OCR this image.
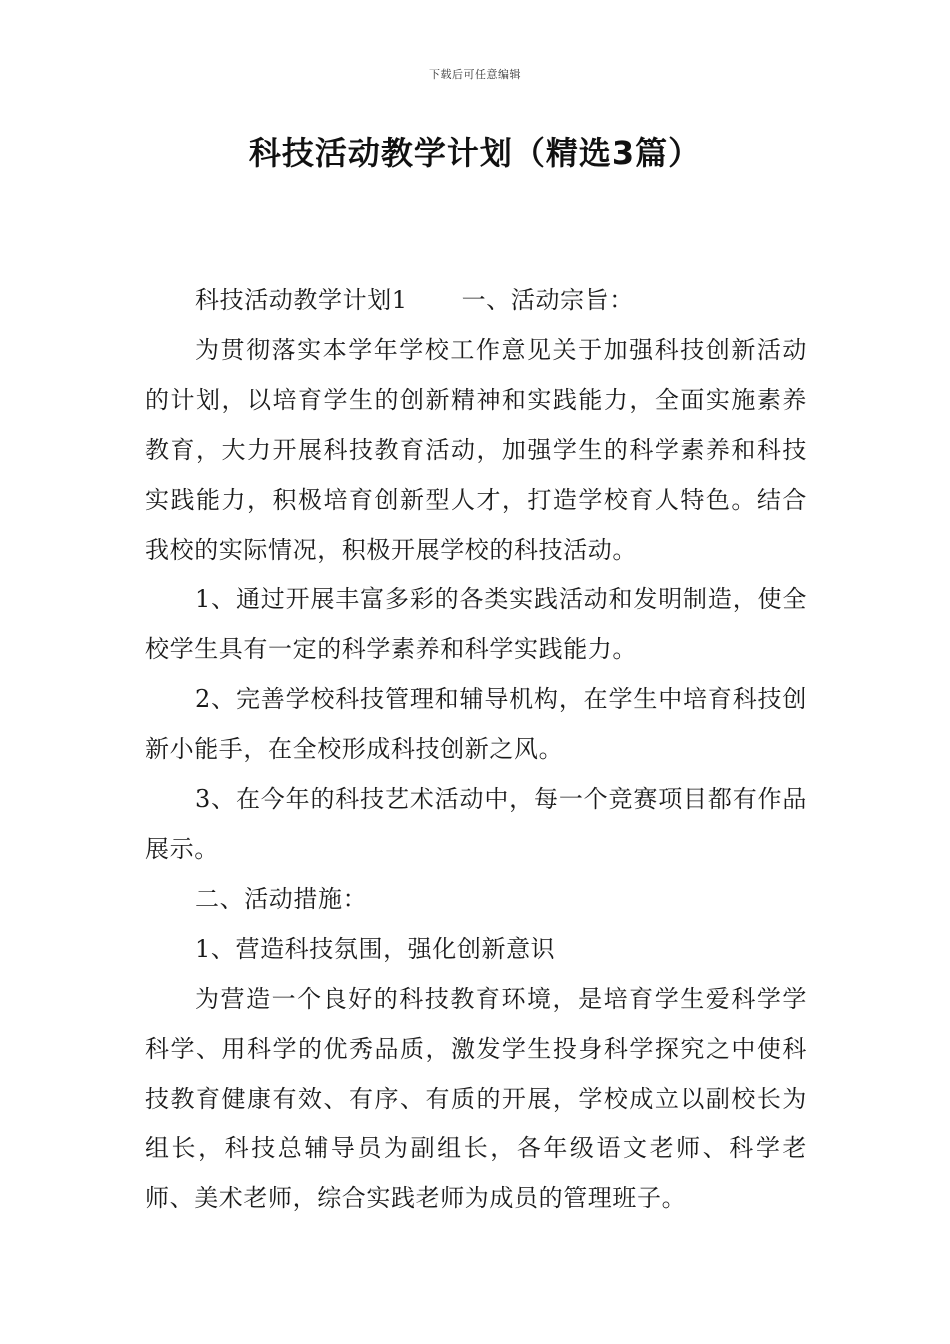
下载后可任意编辑
科技活动教学计划（精选3篇）

科技活动教学计划1 一、活动宗旨：

为贯彻落实本学年学校工作意见关于加强科技创新活动的计划，以培育学生的创新精神和实践能力，全面实施素养教育，大力开展科技教育活动，加强学生的科学素养和科技实践能力，积极培育创新型人才，打造学校育人特色。结合我校的实际情况，积极开展学校的科技活动。

1、通过开展丰富多彩的各类实践活动和发明制造，使全校学生具有一定的科学素养和科学实践能力。

2、完善学校科技管理和辅导机构，在学生中培育科技创新小能手，在全校形成科技创新之风。

3、在今年的科技艺术活动中，每一个竞赛项目都有作品展示。

二、活动措施：

1、营造科技氛围，强化创新意识

为营造一个良好的科技教育环境，是培育学生爱科学学科学、用科学的优秀品质，激发学生投身科学探究之中使科技教育健康有效、有序、有质的开展，学校成立以副校长为组长，科技总辅导员为副组长，各年级语文老师、科学老师、美术老师，综合实践老师为成员的管理班子。
